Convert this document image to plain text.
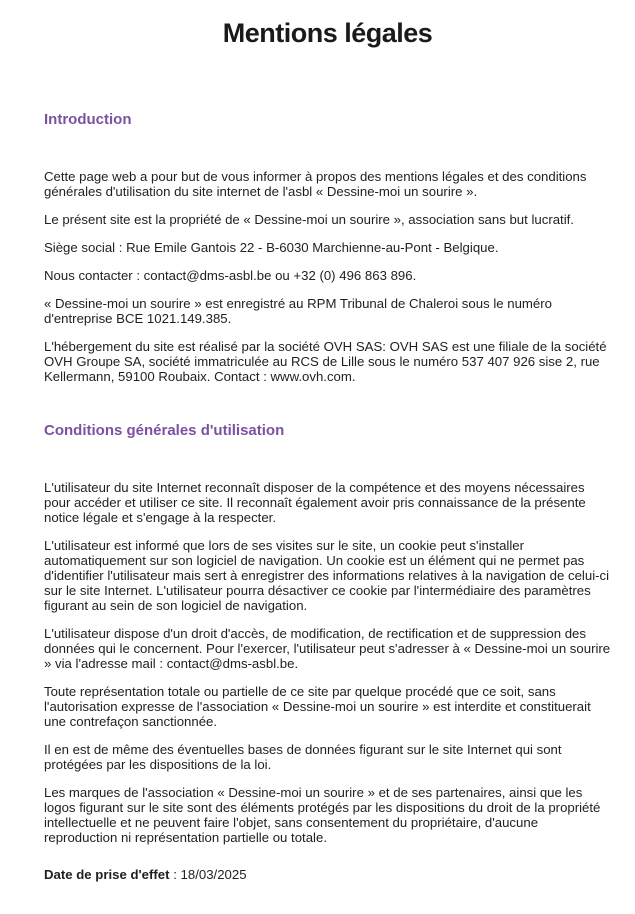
Mentions légales
Introduction

Cette page web a pour but de vous informer à propos des mentions légales et des conditions générales d'utilisation du site internet de l'asbl « Dessine-moi un sourire ».

Le présent site est la propriété de « Dessine-moi un sourire », association sans but lucratif.

Siège social : Rue Emile Gantois 22 - B-6030 Marchienne-au-Pont - Belgique.

Nous contacter : contact@dms-asbl.be ou +32 (0) 496 863 896.

« Dessine-moi un sourire » est enregistré au RPM Tribunal de Chaleroi sous le numéro d'entreprise BCE 1021.149.385.

L'hébergement du site est réalisé par la société OVH SAS: OVH SAS est une filiale de la société OVH Groupe SA, société immatriculée au RCS de Lille sous le numéro 537 407 926 sise 2, rue Kellermann, 59100 Roubaix. Contact : www.ovh.com.

Conditions générales d'utilisation

L'utilisateur du site Internet reconnaît disposer de la compétence et des moyens nécessaires pour accéder et utiliser ce site. Il reconnaît également avoir pris connaissance de la présente notice légale et s'engage à la respecter.

L'utilisateur est informé que lors de ses visites sur le site, un cookie peut s'installer automatiquement sur son logiciel de navigation. Un cookie est un élément qui ne permet pas d'identifier l'utilisateur mais sert à enregistrer des informations relatives à la navigation de celui-ci sur le site Internet. L'utilisateur pourra désactiver ce cookie par l'intermédiaire des paramètres figurant au sein de son logiciel de navigation.

L'utilisateur dispose d'un droit d'accès, de modification, de rectification et de suppression des données qui le concernent. Pour l'exercer, l'utilisateur peut s'adresser à « Dessine-moi un sourire » via l'adresse mail : contact@dms-asbl.be.

Toute représentation totale ou partielle de ce site par quelque procédé que ce soit, sans l'autorisation expresse de l'association « Dessine-moi un sourire » est interdite et constituerait une contrefaçon sanctionnée.

Il en est de même des éventuelles bases de données figurant sur le site Internet qui sont protégées par les dispositions de la loi.

Les marques de l'association « Dessine-moi un sourire » et de ses partenaires, ainsi que les logos figurant sur le site sont des éléments protégés par les dispositions du droit de la propriété intellectuelle et ne peuvent faire l'objet, sans consentement du propriétaire, d'aucune reproduction ni représentation partielle ou totale.

Date de prise d'effet : 18/03/2025
